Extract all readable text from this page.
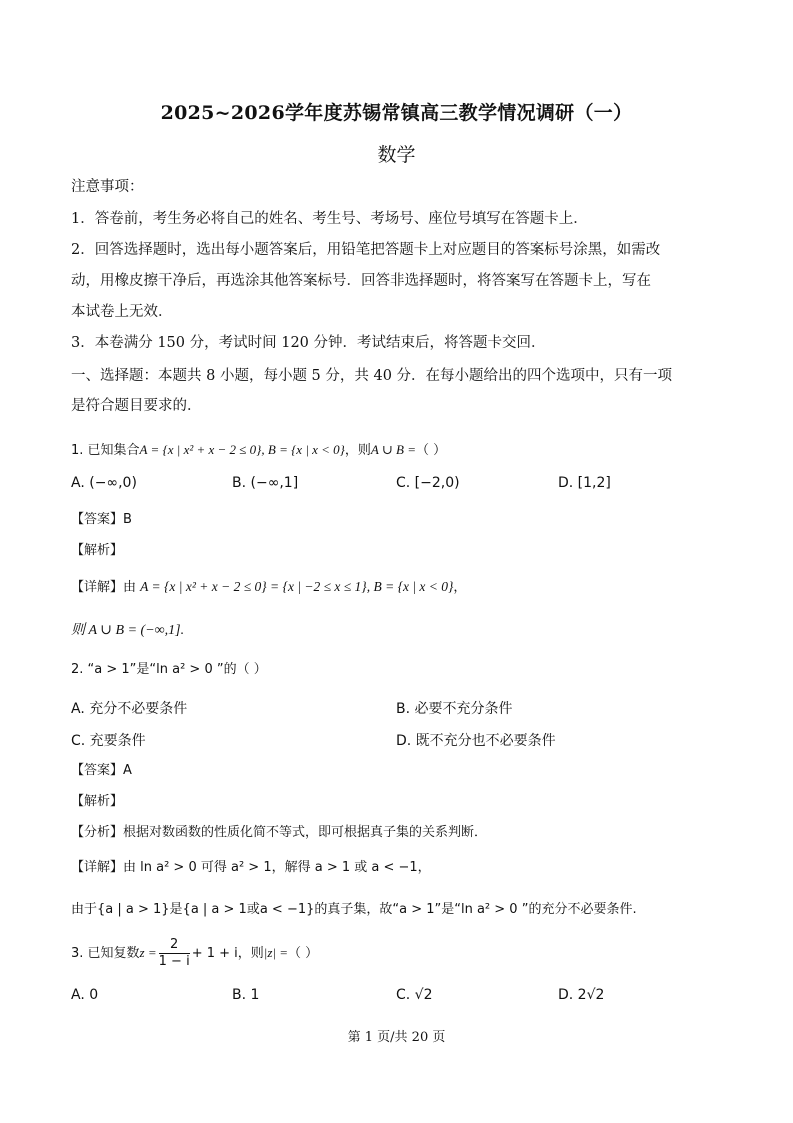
2025~2026学年度苏锡常镇高三教学情况调研（一）
数学
注意事项：
1．答卷前，考生务必将自己的姓名、考生号、考场号、座位号填写在答题卡上．
2．回答选择题时，选出每小题答案后，用铅笔把答题卡上对应题目的答案标号涂黑，如需改
动，用橡皮擦干净后，再选涂其他答案标号．回答非选择题时，将答案写在答题卡上，写在
本试卷上无效．
3．本卷满分 150 分，考试时间 120 分钟．考试结束后，将答题卡交回．
一、选择题：本题共 8 小题，每小题 5 分，共 40 分．在每小题给出的四个选项中，只有一项
是符合题目要求的．
1. 已知集合A = {x | x² + x − 2 ≤ 0}, B = {x | x < 0}，则A ∪ B =（ ）
A. (−∞,0)	B. (−∞,1]	C. [−2,0)	D. [1,2]
【答案】B
【解析】
【详解】由 A = {x | x² + x − 2 ≤ 0} = {x | −2 ≤ x ≤ 1}, B = {x | x < 0}，
则 A ∪ B = (−∞,1].
2. “a > 1”是“ln a² > 0 ”的（ ）
A. 充分不必要条件	B. 必要不充分条件
C. 充要条件	D. 既不充分也不必要条件
【答案】A
【解析】
【分析】根据对数函数的性质化简不等式，即可根据真子集的关系判断．
【详解】由 ln a² > 0 可得 a² > 1，解得 a > 1 或 a < −1，
由于{a | a > 1}是{a | a > 1或a < −1}的真子集，故“a > 1”是“ln a² > 0 ”的充分不必要条件.
3. 已知复数$z = \frac{2}{1 - i} + 1 + i$，则|z| =（ ）
A. 0	B. 1	C. √2	D. 2√2
第 1 页/共 20 页
